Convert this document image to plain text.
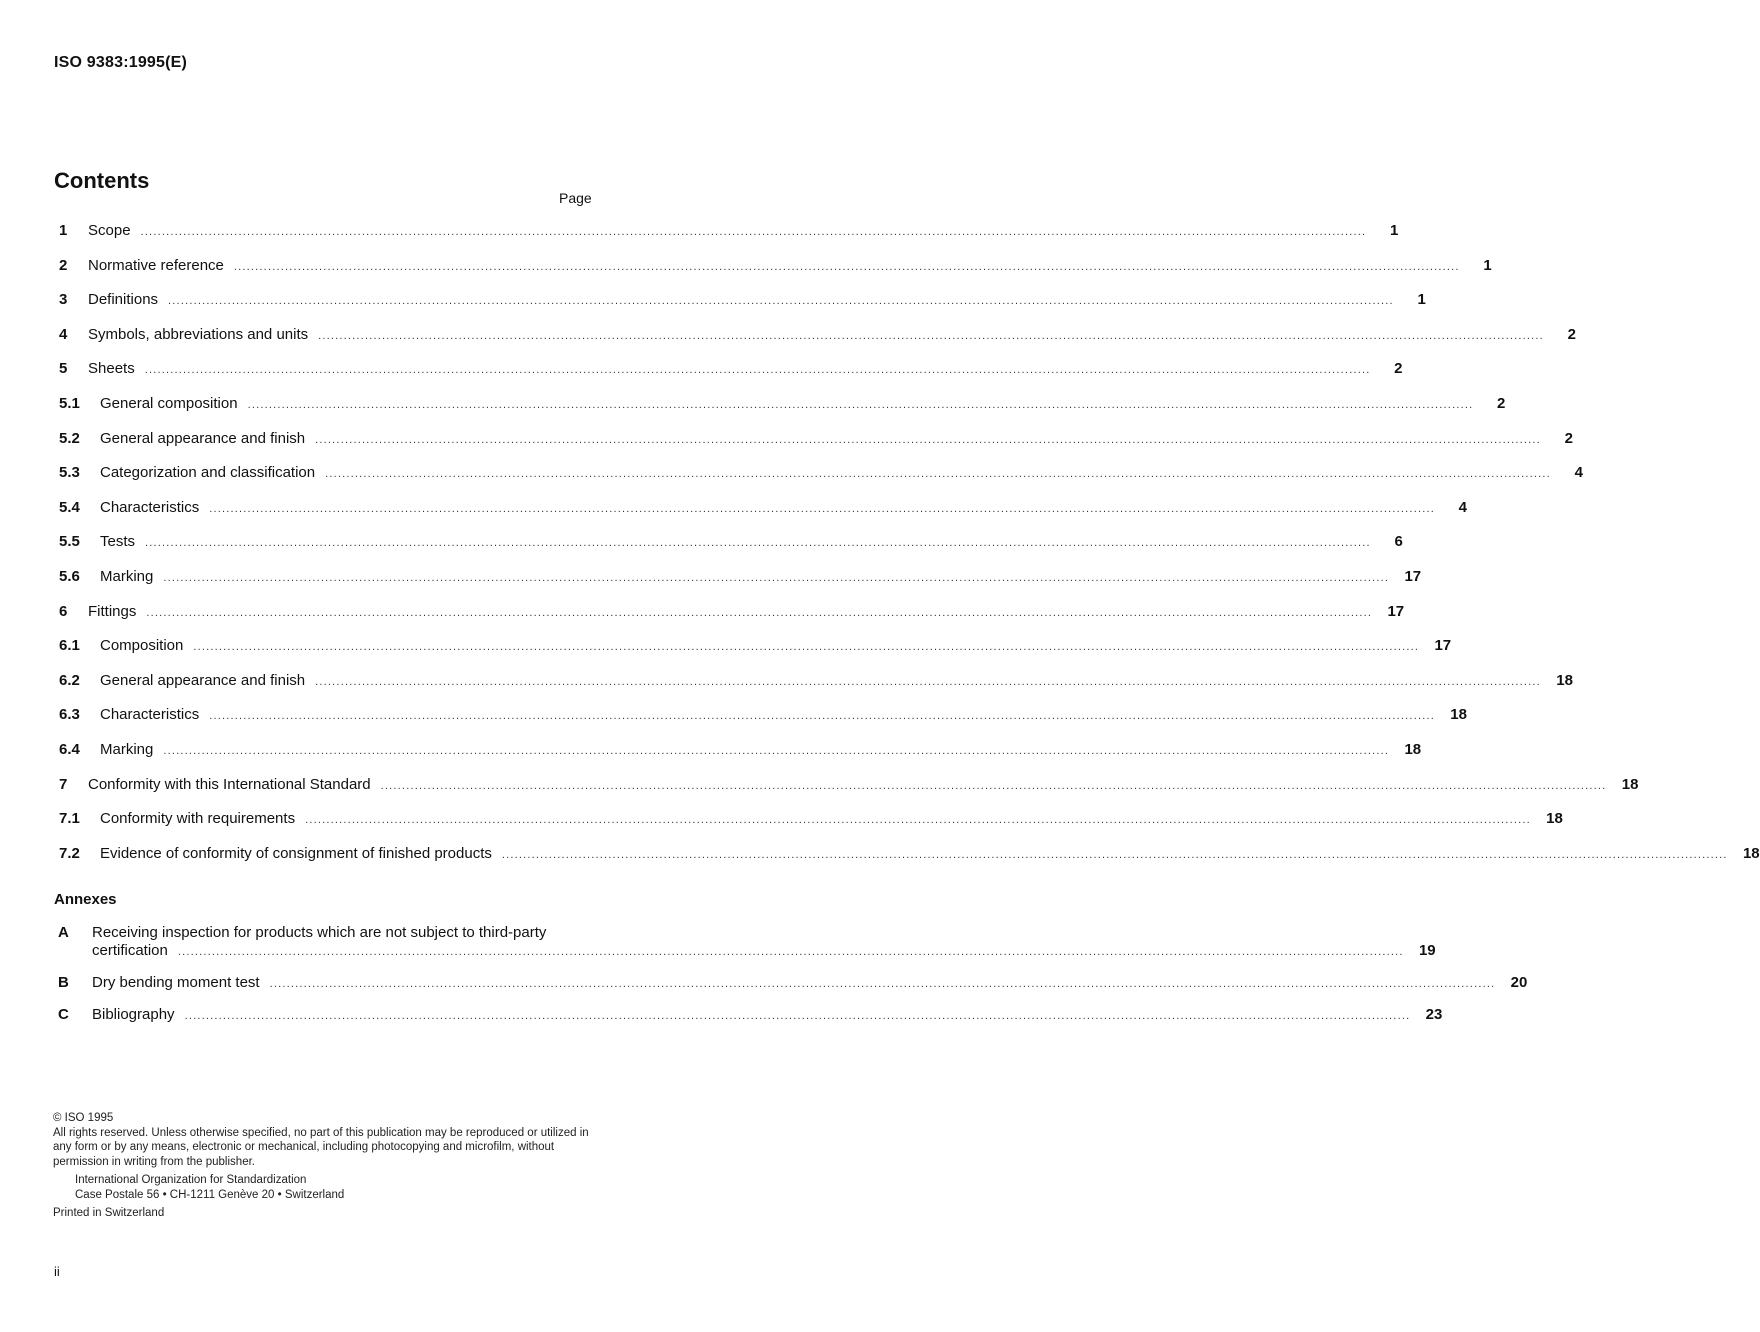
ISO 9383:1995(E)
Contents
Page
1	Scope .....	1
2	Normative reference .....	1
3	Definitions .....	1
4	Symbols, abbreviations and units .....	2
5	Sheets .....	2
5.1	General composition .....	2
5.2	General appearance and finish .....	2
5.3	Categorization and classification .....	4
5.4	Characteristics .....	4
5.5	Tests .....	6
5.6	Marking .....	17
6	Fittings .....	17
6.1	Composition .....	17
6.2	General appearance and finish .....	18
6.3	Characteristics .....	18
6.4	Marking .....	18
7	Conformity with this International Standard .....	18
7.1	Conformity with requirements .....	18
7.2	Evidence of conformity of consignment of finished products .....	18
Annexes
A	Receiving inspection for products which are not subject to third-party
certification .....	19
B	Dry bending moment test .....	20
C	Bibliography .....	23
© ISO 1995
All rights reserved. Unless otherwise specified, no part of this publication may be reproduced or utilized in any form or by any means, electronic or mechanical, including photocopying and microfilm, without permission in writing from the publisher.
International Organization for Standardization
Case Postale 56 • CH-1211 Genève 20 • Switzerland
Printed in Switzerland
ii
